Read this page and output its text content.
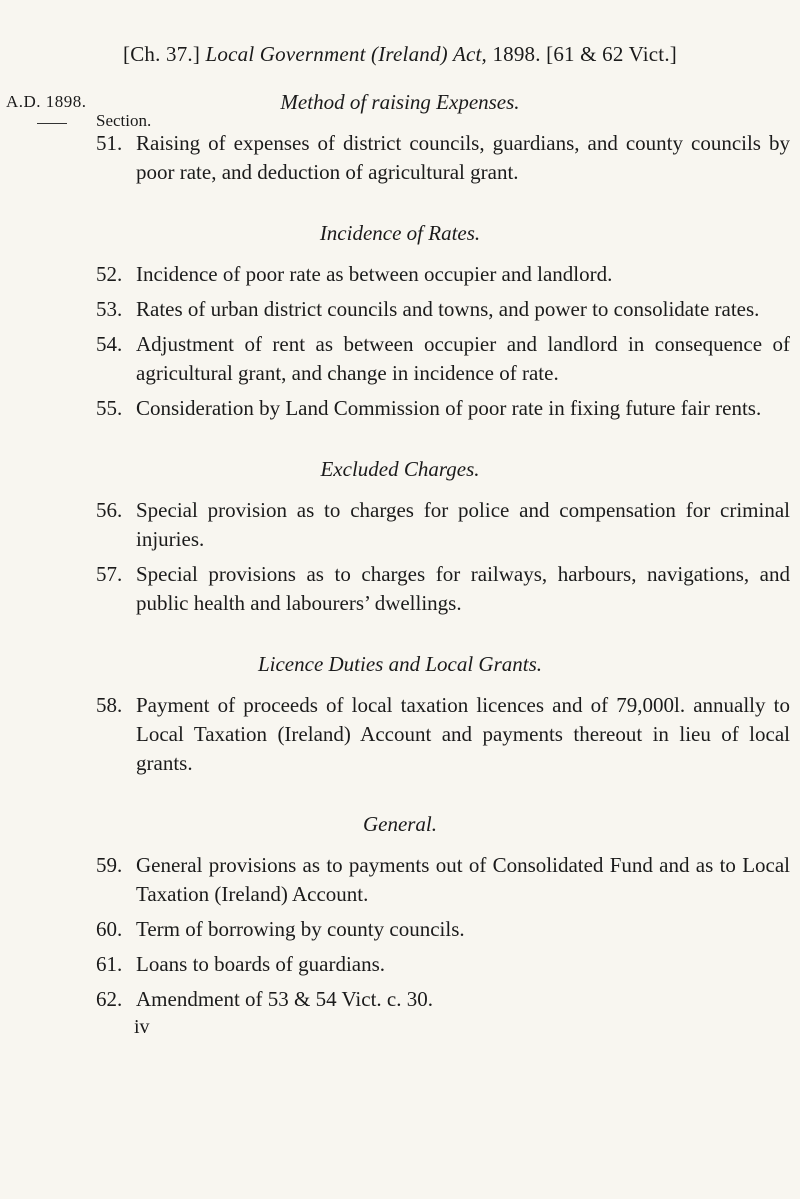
[Ch. 37.] Local Government (Ireland) Act, 1898. [61 & 62 Vict.]
A.D. 1898.
Section.
Method of raising Expenses.
51. Raising of expenses of district councils, guardians, and county councils by poor rate, and deduction of agricultural grant.
Incidence of Rates.
52. Incidence of poor rate as between occupier and landlord.
53. Rates of urban district councils and towns, and power to consolidate rates.
54. Adjustment of rent as between occupier and landlord in consequence of agricultural grant, and change in incidence of rate.
55. Consideration by Land Commission of poor rate in fixing future fair rents.
Excluded Charges.
56. Special provision as to charges for police and compensation for criminal injuries.
57. Special provisions as to charges for railways, harbours, navigations, and public health and labourers’ dwellings.
Licence Duties and Local Grants.
58. Payment of proceeds of local taxation licences and of 79,000l. annually to Local Taxation (Ireland) Account and payments thereout in lieu of local grants.
General.
59. General provisions as to payments out of Consolidated Fund and as to Local Taxation (Ireland) Account.
60. Term of borrowing by county councils.
61. Loans to boards of guardians.
62. Amendment of 53 & 54 Vict. c. 30.
iv
